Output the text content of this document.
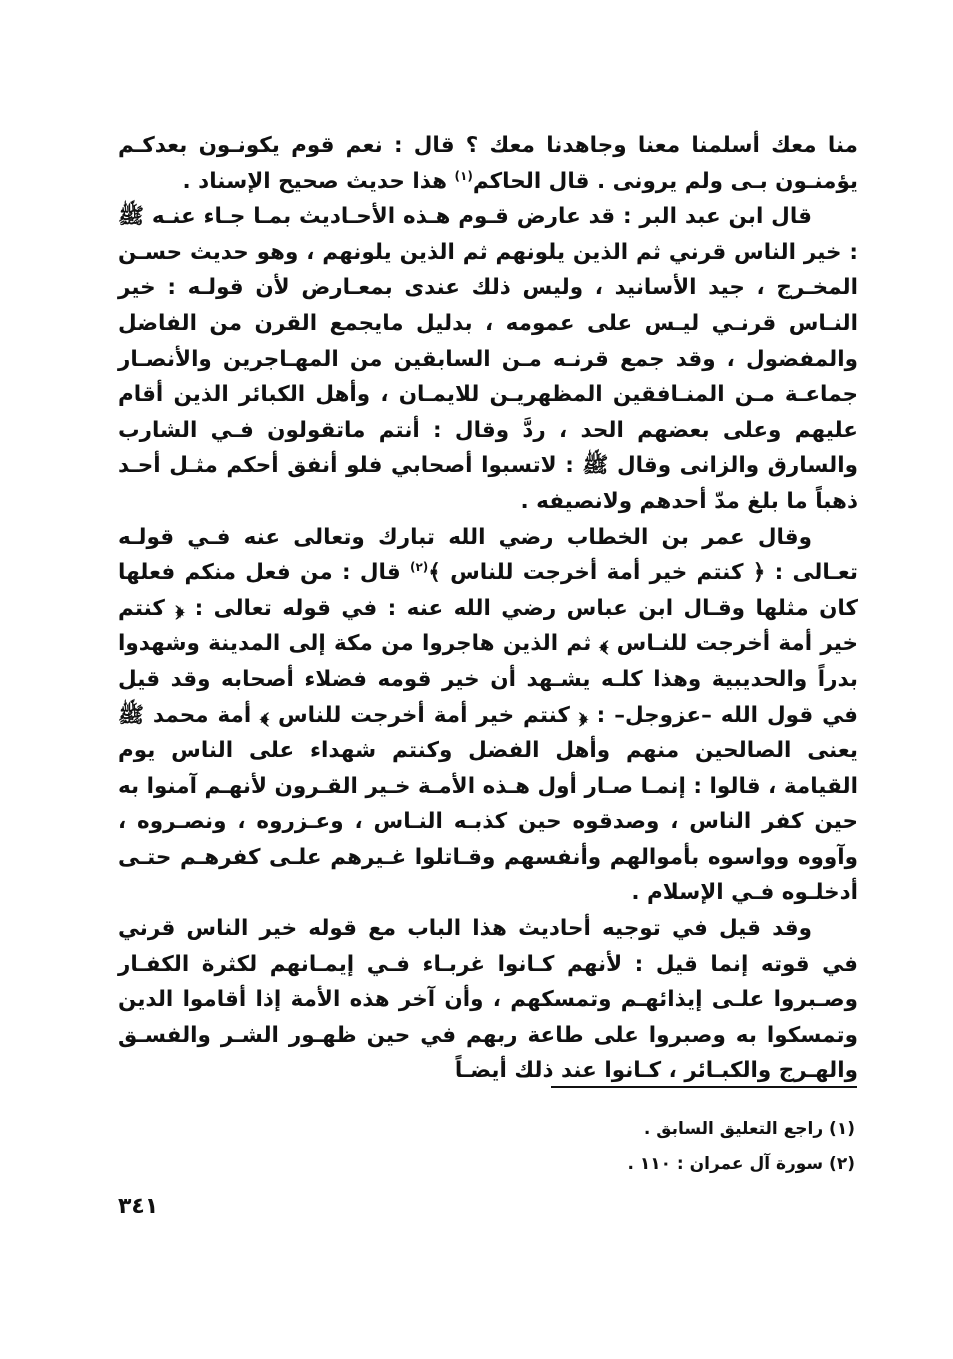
منا معك أسلمنا معنا وجاهدنا معك ؟ قال : نعم قوم يكونـون بعدكـم يؤمنـون بـى ولم يرونى . قال الحاكم$^{(١)}$ هذا حديث صحيح الإسناد .

قال ابن عبد البر : قد عارض قـوم هـذه الأحـاديث بمـا جـاء عنـه ﷺ : خير الناس قرني ثم الذين يلونهم ثم الذين يلونهم ، وهو حديث حسـن المخـرج ، جيد الأسانيد ، وليس ذلك عندى بمعـارض لأن قولـه : خير النـاس قرنـي ليـس على عمومه ، بدليل مايجمع القرن من الفاضل والمفضول ، وقد جمع قرنـه مـن السابقين من المهـاجرين والأنصـار جماعـة مـن المنـافقين المظهريـن للايمـان ، وأهل الكبائر الذين أقام عليهم وعلى بعضهم الحد ، ردَّ وقال : أنتم ماتقولون فـي الشارب والسارق والزانى وقال ﷺ : لاتسبوا أصحابي فلو أنفق أحكم مثـل أحـد ذهباً ما بلغ مدّ أحدهم ولانصيفه .

وقال عمر بن الخطاب رضي الله تبارك وتعالى عنه فـي قولـه تعـالى : ﴿ كنتم خير أمة أخرجت للناس ﴾$^{(٢)}$ قال : من فعل منكم فعلها كان مثلها وقـال ابن عباس رضي الله عنه : في قوله تعالى : ﴿ كنتم خير أمة أخرجت للنـاس ﴾ ثم الذين هاجروا من مكة إلى المدينة وشهدوا بدراً والحديبية وهذا كلـه يشـهد أن خير قومه فضلاء أصحابه وقد قيل في قول الله –عزوجل– : ﴿ كنتم خير أمة أخرجت للناس ﴾ أمة محمد ﷺ يعنى الصالحين منهم وأهل الفضل وكنتم شهداء على الناس يوم القيامة ، قالوا : إنمـا صـار أول هـذه الأمـة خـير القـرون لأنهـم آمنوا به حين كفر الناس ، وصدقوه حين كذبـه النـاس ، وعـزروه ، ونصـروه ، وآووه وواسوه بأموالهم وأنفسهم وقـاتلوا غـيرهم علـى كفرهـم حتـى أدخلـوه فـي الإسلام .

وقد قيل في توجيه أحاديث هذا الباب مع قوله خير الناس قرني في قوته إنما قيل : لأنهم كـانوا غربـاء فـي إيمـانهم لكثرة الكفـار وصـبروا علـى إيذائهـم وتمسكهم ، وأن آخر هذه الأمة إذا أقاموا الدين وتمسكوا به وصبروا على طاعة ربهم في حين ظهـور الشـر والفسـق والهـرج والكبـائر ، كـانوا عند ذلك أيضـاً

(١) راجع التعليق السابق .
(٢) سورة آل عمران : ١١٠ .
٣٤١
